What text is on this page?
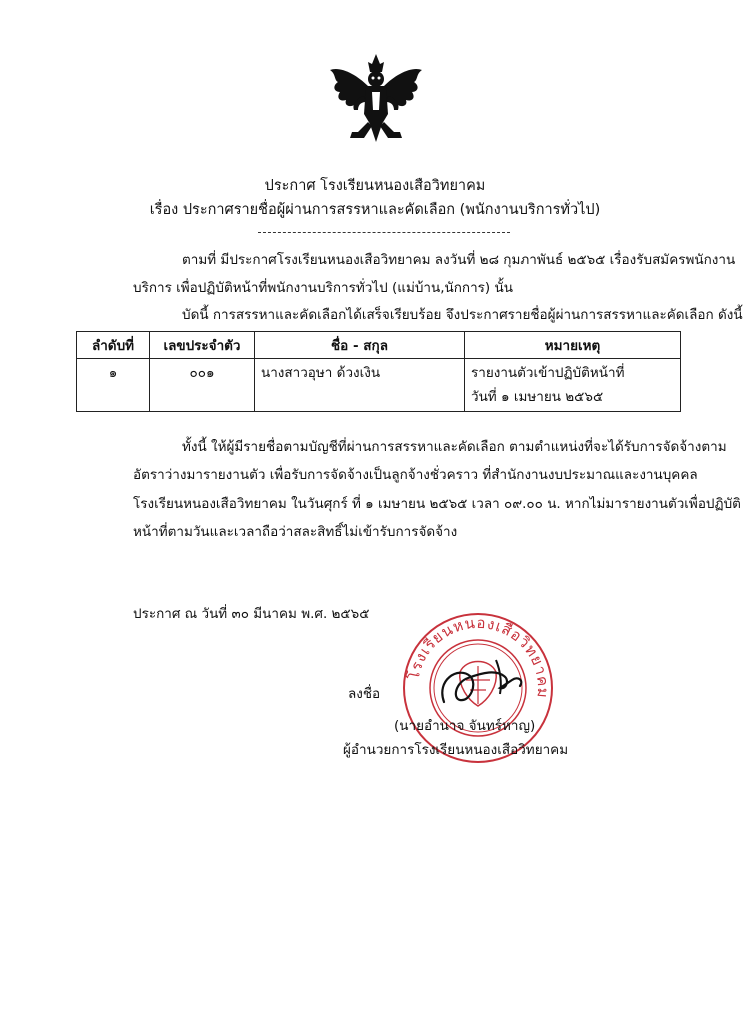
ประกาศ โรงเรียนหนองเสือวิทยาคม
เรื่อง ประกาศรายชื่อผู้ผ่านการสรรหาและคัดเลือก (พนักงานบริการทั่วไป)
ตามที่ มีประกาศโรงเรียนหนองเสือวิทยาคม ลงวันที่ ๒๘ กุมภาพันธ์ ๒๕๖๕ เรื่องรับสมัครพนักงาน
บริการ เพื่อปฏิบัติหน้าที่พนักงานบริการทั่วไป (แม่บ้าน,นักการ) นั้น
บัดนี้ การสรรหาและคัดเลือกได้เสร็จเรียบร้อย จึงประกาศรายชื่อผู้ผ่านการสรรหาและคัดเลือก ดังนี้
ลำดับที่	เลขประจำตัว	ชื่อ - สกุล	หมายเหตุ
๑	๐๐๑	นางสาวอุษา ด้วงเงิน	รายงานตัวเข้าปฏิบัติหน้าที่
วันที่ ๑ เมษายน ๒๕๖๕
ทั้งนี้ ให้ผู้มีรายชื่อตามบัญชีที่ผ่านการสรรหาและคัดเลือก ตามตำแหน่งที่จะได้รับการจัดจ้างตาม
อัตราว่างมารายงานตัว เพื่อรับการจัดจ้างเป็นลูกจ้างชั่วคราว ที่สำนักงานงบประมาณและงานบุคคล
โรงเรียนหนองเสือวิทยาคม ในวันศุกร์ ที่ ๑ เมษายน ๒๕๖๕ เวลา ๐๙.๐๐ น. หากไม่มารายงานตัวเพื่อปฏิบัติ
หน้าที่ตามวันและเวลาถือว่าสละสิทธิ์ไม่เข้ารับการจัดจ้าง
ประกาศ ณ วันที่ ๓๐ มีนาคม พ.ศ. ๒๕๖๕
โรงเรียนหนองเสือวิทยาคม
ลงชื่อ
(นายอำนาจ จันทร์หาญ)
ผู้อำนวยการโรงเรียนหนองเสือวิทยาคม
